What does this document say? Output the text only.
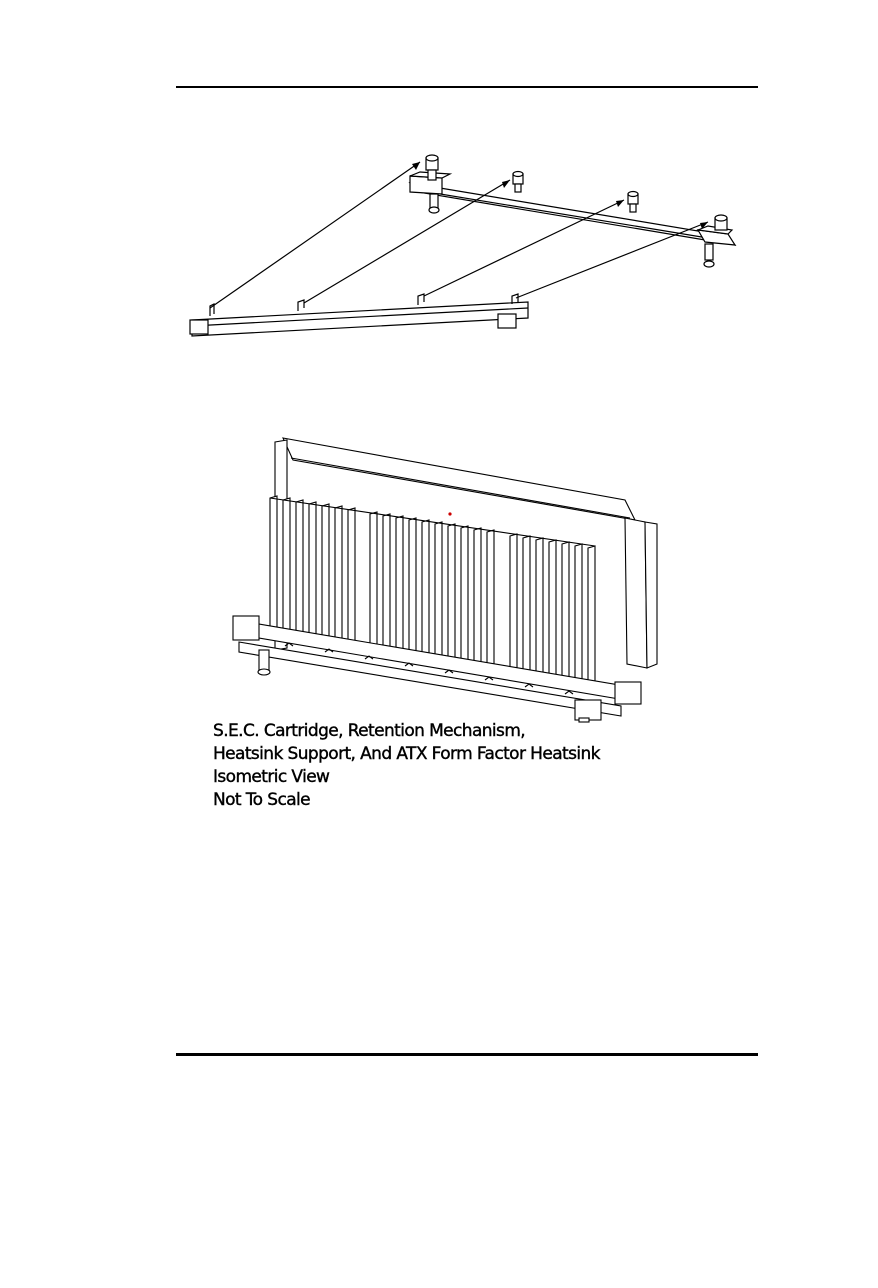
S.E.C. Cartridge, Retention Mechanism,
Heatsink Support, And ATX Form Factor Heatsink
Isometric View
Not To Scale
